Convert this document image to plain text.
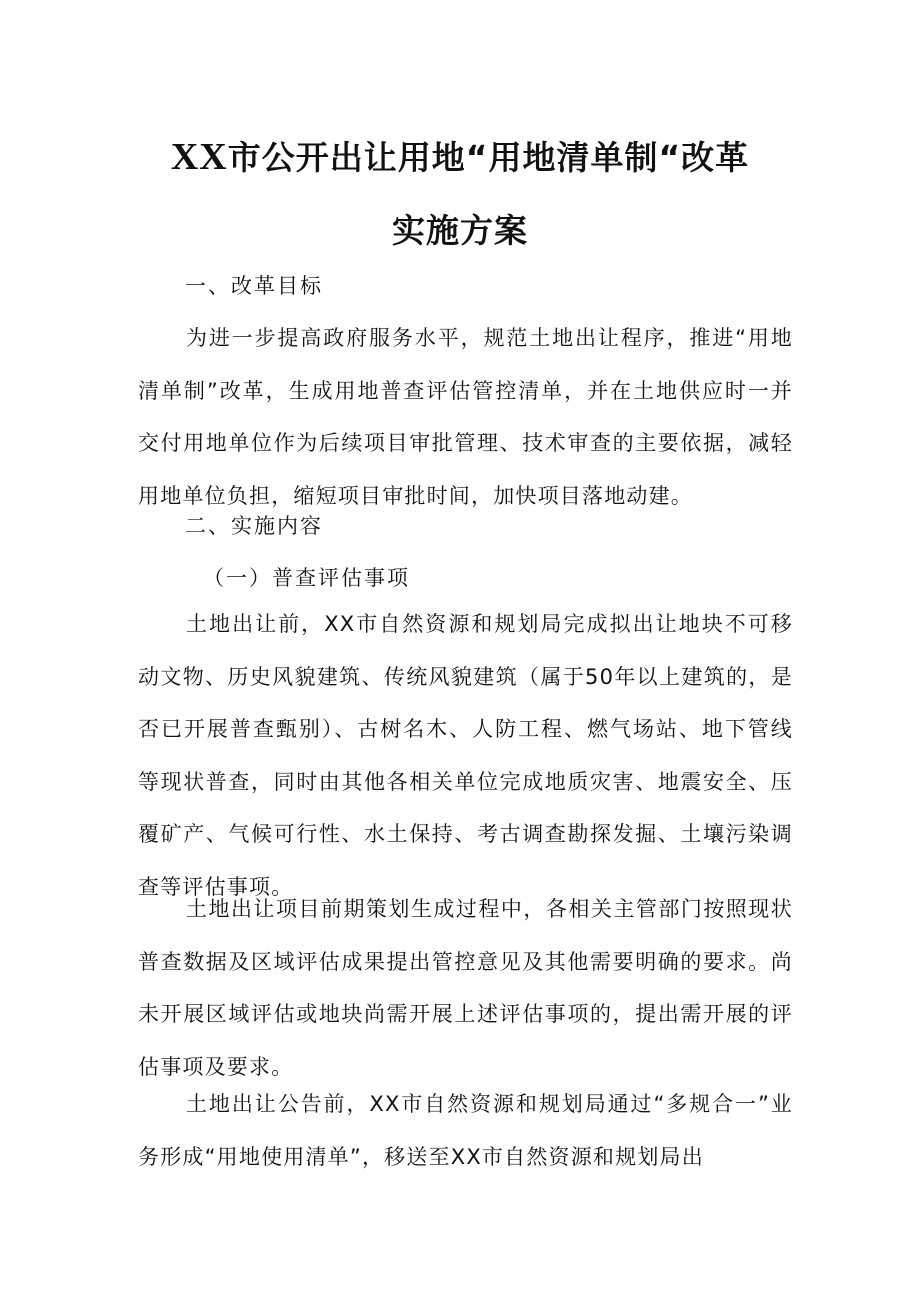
XX市公开出让用地“用地清单制“改革
实施方案
一、改革目标
为进一步提高政府服务水平，规范土地出让程序，推进“用地清单制”改革，生成用地普查评估管控清单，并在土地供应时一并交付用地单位作为后续项目审批管理、技术审查的主要依据，减轻用地单位负担，缩短项目审批时间，加快项目落地动建。
二、实施内容
（一）普查评估事项
土地出让前，XX市自然资源和规划局完成拟出让地块不可移动文物、历史风貌建筑、传统风貌建筑（属于50年以上建筑的，是否已开展普查甄别）、古树名木、人防工程、燃气场站、地下管线等现状普查，同时由其他各相关单位完成地质灾害、地震安全、压覆矿产、气候可行性、水土保持、考古调查勘探发掘、土壤污染调查等评估事项。
土地出让项目前期策划生成过程中，各相关主管部门按照现状普查数据及区域评估成果提出管控意见及其他需要明确的要求。尚未开展区域评估或地块尚需开展上述评估事项的，提出需开展的评估事项及要求。
土地出让公告前，XX市自然资源和规划局通过“多规合一”业务形成“用地使用清单”，移送至XX市自然资源和规划局出
